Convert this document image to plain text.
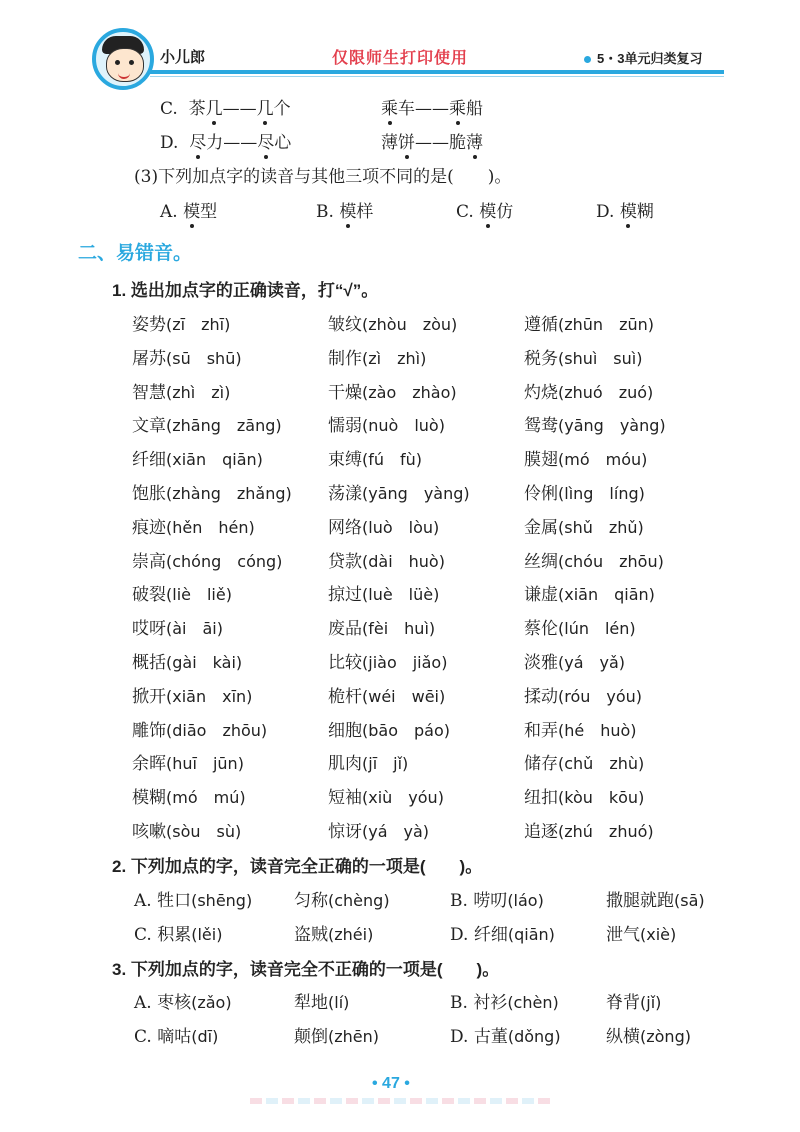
小儿郎	仅限师生打印使用	5・3单元归类复习
C. 茶几——几个	乘车——乘船
D. 尽力——尽心	薄饼——脆薄
(3)下列加点字的读音与其他三项不同的是(　　)。
A. 模型	B. 模样	C. 模仿	D. 模糊
二、易错音。
1. 选出加点字的正确读音，打“√”。
姿势(zī　zhī)	皱纹(zhòu　zòu)	遵循(zhūn　zūn)
屠苏(sū　shū)	制作(zì　zhì)	税务(shuì　suì)
智慧(zhì　zì)	干燥(zào　zhào)	灼烧(zhuó　zuó)
文章(zhāng　zāng)	懦弱(nuò　luò)	鸳鸯(yāng　yàng)
纤细(xiān　qiān)	束缚(fú　fù)	膜翅(mó　móu)
饱胀(zhàng　zhǎng) 荡漾(yāng　yàng)	伶俐(lìng　líng)
痕迹(hěn　hén)	网络(luò　lòu)	金属(shǔ　zhǔ)
崇高(chóng　cóng)	贷款(dài　huò)	丝绸(chóu　zhōu)
破裂(liè　liě)	掠过(luè　lüè)	谦虚(xiān　qiān)
哎呀(ài　āi)	废品(fèi　huì)	蔡伦(lún　lén)
概括(gài　kài)	比较(jiào　jiǎo)	淡雅(yá　yǎ)
掀开(xiān　xīn)	桅杆(wéi　wēi)	揉动(róu　yóu)
雕饰(diāo　zhōu)	细胞(bāo　páo)	和弄(hé　huò)
余晖(huī　jūn)	肌肉(jī　jǐ)	储存(chǔ　zhù)
模糊(mó　mú)	短袖(xiù　yóu)	纽扣(kòu　kōu)
咳嗽(sòu　sù)	惊讶(yá　yà)	追逐(zhú　zhuó)
2. 下列加点的字，读音完全正确的一项是(　　)。
A. 牲口(shēng) 匀称(chèng)	B. 唠叨(láo)	撒腿就跑(sā)
C. 积累(lěi)	盗贼(zhéi)	D. 纤细(qiān)	泄气(xiè)
3. 下列加点的字，读音完全不正确的一项是(　　)。
A. 枣核(zǎo)	犁地(lí)	B. 衬衫(chèn)	脊背(jǐ)
C. 嘀咕(dī)	颠倒(zhēn)	D. 古董(dǒng)	纵横(zòng)
• 47 •
